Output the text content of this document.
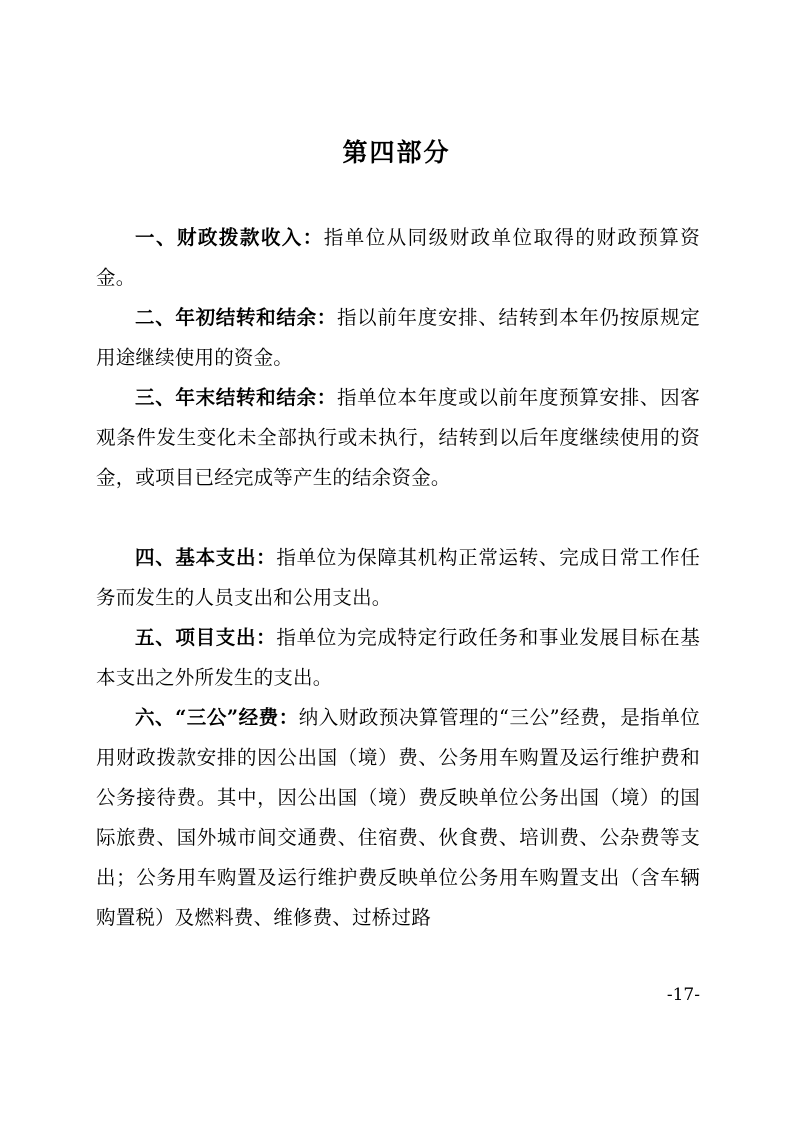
第四部分

一、财政拨款收入：指单位从同级财政单位取得的财政预算资金。

二、年初结转和结余：指以前年度安排、结转到本年仍按原规定用途继续使用的资金。

三、年末结转和结余：指单位本年度或以前年度预算安排、因客观条件发生变化未全部执行或未执行，结转到以后年度继续使用的资金，或项目已经完成等产生的结余资金。

四、基本支出：指单位为保障其机构正常运转、完成日常工作任务而发生的人员支出和公用支出。

五、项目支出：指单位为完成特定行政任务和事业发展目标在基本支出之外所发生的支出。

六、“三公”经费：纳入财政预决算管理的“三公”经费，是指单位用财政拨款安排的因公出国（境）费、公务用车购置及运行维护费和公务接待费。其中，因公出国（境）费反映单位公务出国（境）的国际旅费、国外城市间交通费、住宿费、伙食费、培训费、公杂费等支出；公务用车购置及运行维护费反映单位公务用车购置支出（含车辆购置税）及燃料费、维修费、过桥过路

-17-
